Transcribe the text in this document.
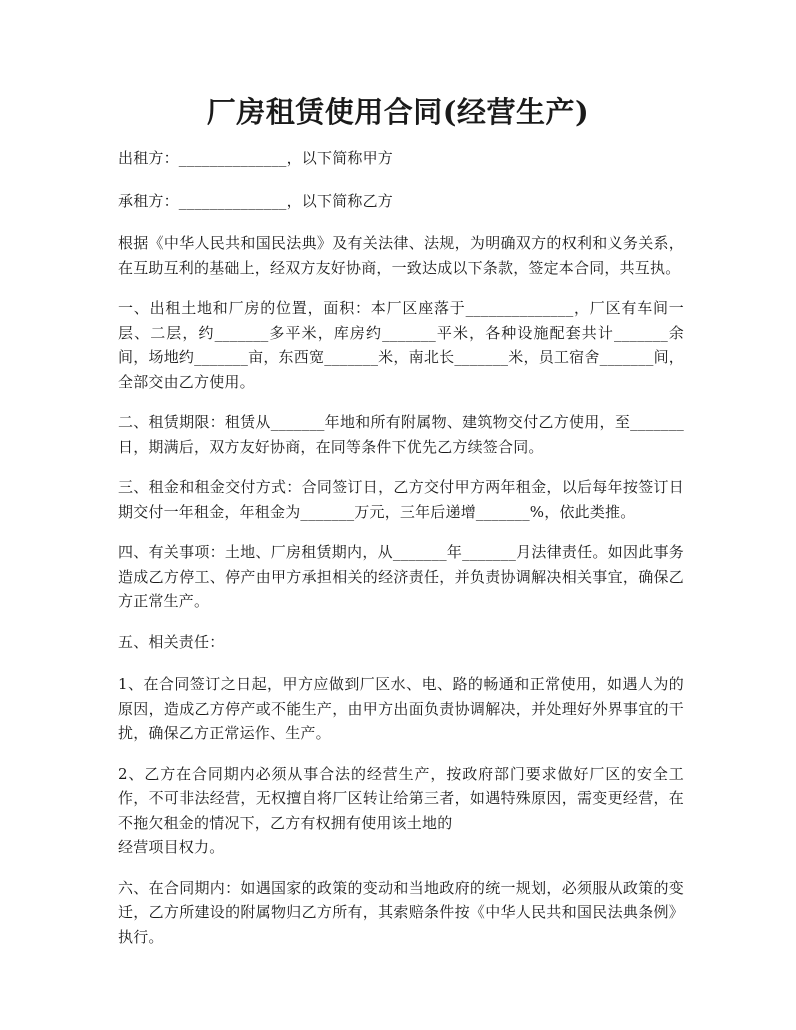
厂房租赁使用合同(经营生产)

出租方：______________，以下简称甲方

承租方：______________，以下简称乙方

根据《中华人民共和国民法典》及有关法律、法规，为明确双方的权利和义务关系，在互助互利的基础上，经双方友好协商，一致达成以下条款，签定本合同，共互执。

一、出租土地和厂房的位置，面积：本厂区座落于______________，厂区有车间一层、二层，约_______多平米，库房约_______平米，各种设施配套共计_______余间，场地约_______亩，东西宽_______米，南北长_______米，员工宿舍_______间，全部交由乙方使用。

二、租赁期限：租赁从_______年地和所有附属物、建筑物交付乙方使用，至_______日，期满后，双方友好协商，在同等条件下优先乙方续签合同。

三、租金和租金交付方式：合同签订日，乙方交付甲方两年租金，以后每年按签订日期交付一年租金，年租金为_______万元，三年后递增_______%，依此类推。

四、有关事项：土地、厂房租赁期内，从_______年_______月法律责任。如因此事务造成乙方停工、停产由甲方承担相关的经济责任，并负责协调解决相关事宜，确保乙方正常生产。

五、相关责任：

1、在合同签订之日起，甲方应做到厂区水、电、路的畅通和正常使用，如遇人为的原因，造成乙方停产或不能生产，由甲方出面负责协调解决，并处理好外界事宜的干扰，确保乙方正常运作、生产。

2、乙方在合同期内必须从事合法的经营生产，按政府部门要求做好厂区的安全工作，不可非法经营，无权擅自将厂区转让给第三者，如遇特殊原因，需变更经营，在不拖欠租金的情况下，乙方有权拥有使用该土地的
经营项目权力。

六、在合同期内：如遇国家的政策的变动和当地政府的统一规划，必须服从政策的变迁，乙方所建设的附属物归乙方所有，其索赔条件按《中华人民共和国民法典条例》执行。
